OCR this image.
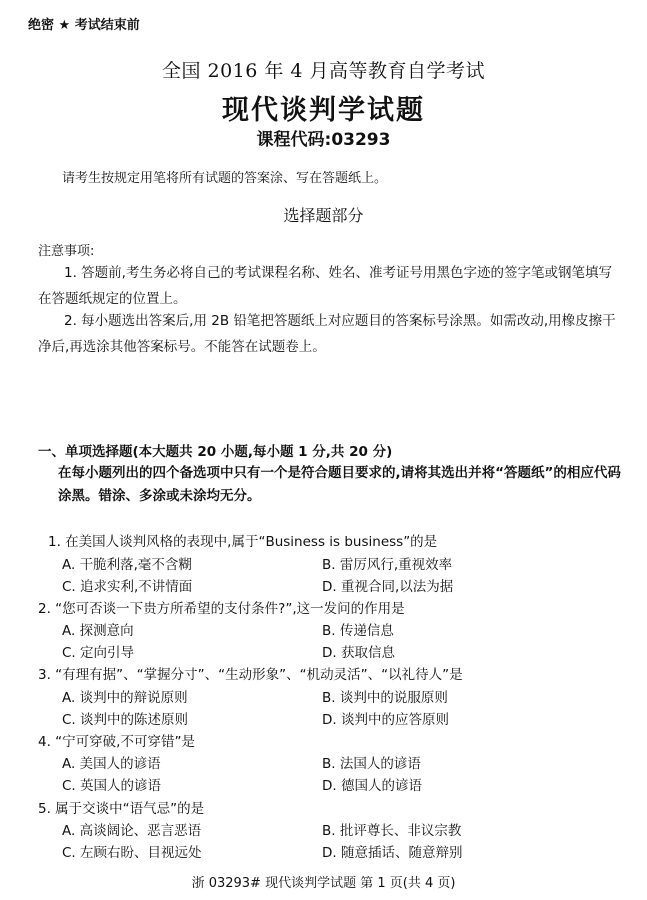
绝密 ★ 考试结束前
全国 2016 年 4 月高等教育自学考试
现代谈判学试题
课程代码:03293
请考生按规定用笔将所有试题的答案涂、写在答题纸上。
选择题部分
注意事项:
1. 答题前,考生务必将自己的考试课程名称、姓名、准考证号用黑色字迹的签字笔或钢笔填写在答题纸规定的位置上。
2. 每小题选出答案后,用 2B 铅笔把答题纸上对应题目的答案标号涂黑。如需改动,用橡皮擦干净后,再选涂其他答案标号。不能答在试题卷上。
一、单项选择题(本大题共 20 小题,每小题 1 分,共 20 分)
在每小题列出的四个备选项中只有一个是符合题目要求的,请将其选出并将“答题纸”的相应代码涂黑。错涂、多涂或未涂均无分。
1. 在美国人谈判风格的表现中,属于“Business is business”的是
A. 干脆利落,毫不含糊	B. 雷厉风行,重视效率
C. 追求实利,不讲情面	D. 重视合同,以法为据
2. “您可否谈一下贵方所希望的支付条件?”,这一发问的作用是
A. 探测意向	B. 传递信息
C. 定向引导	D. 获取信息
3. “有理有据”、“掌握分寸”、“生动形象”、“机动灵活”、“以礼待人”是
A. 谈判中的辩说原则	B. 谈判中的说服原则
C. 谈判中的陈述原则	D. 谈判中的应答原则
4. “宁可穿破,不可穿错”是
A. 美国人的谚语	B. 法国人的谚语
C. 英国人的谚语	D. 德国人的谚语
5. 属于交谈中“语气忌”的是
A. 高谈阔论、恶言恶语	B. 批评尊长、非议宗教
C. 左顾右盼、目视远处	D. 随意插话、随意辩别
浙 03293# 现代谈判学试题 第 1 页(共 4 页)
